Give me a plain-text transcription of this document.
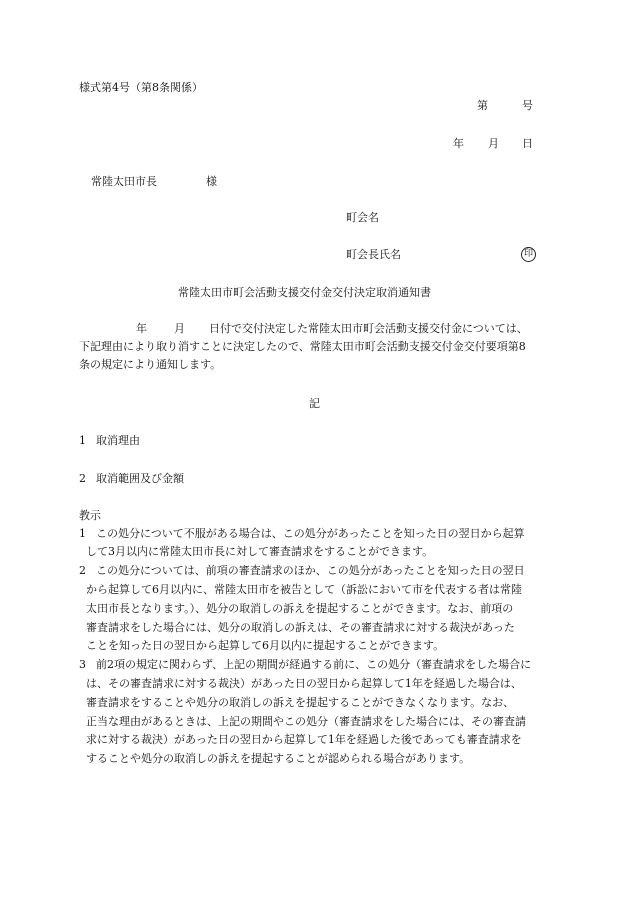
様式第4号（第8条関係）
第	号
年 月 日
常陸太田市長	様
町会名
町会長氏名	印
常陸太田市町会活動支援交付金交付決定取消通知書
年 月 日付で交付決定した常陸太田市町会活動支援交付金については、
下記理由により取り消すことに決定したので、常陸太田市町会活動支援交付金交付要項第8
条の規定により通知します。
記
1 取消理由
2 取消範囲及び金額
教示
1 この処分について不服がある場合は、この処分があったことを知った日の翌日から起算
して3月以内に常陸太田市長に対して審査請求をすることができます。
2 この処分については、前項の審査請求のほか、この処分があったことを知った日の翌日
から起算して6月以内に、常陸太田市を被告として（訴訟において市を代表する者は常陸
太田市長となります。）、処分の取消しの訴えを提起することができます。なお、前項の
審査請求をした場合には、処分の取消しの訴えは、その審査請求に対する裁決があった
ことを知った日の翌日から起算して6月以内に提起することができます。
3 前2項の規定に関わらず、上記の期間が経過する前に、この処分（審査請求をした場合に
は、その審査請求に対する裁決）があった日の翌日から起算して1年を経過した場合は、
審査請求をすることや処分の取消しの訴えを提起することができなくなります。なお、
正当な理由があるときは、上記の期間やこの処分（審査請求をした場合には、その審査請
求に対する裁決）があった日の翌日から起算して1年を経過した後であっても審査請求を
することや処分の取消しの訴えを提起することが認められる場合があります。
